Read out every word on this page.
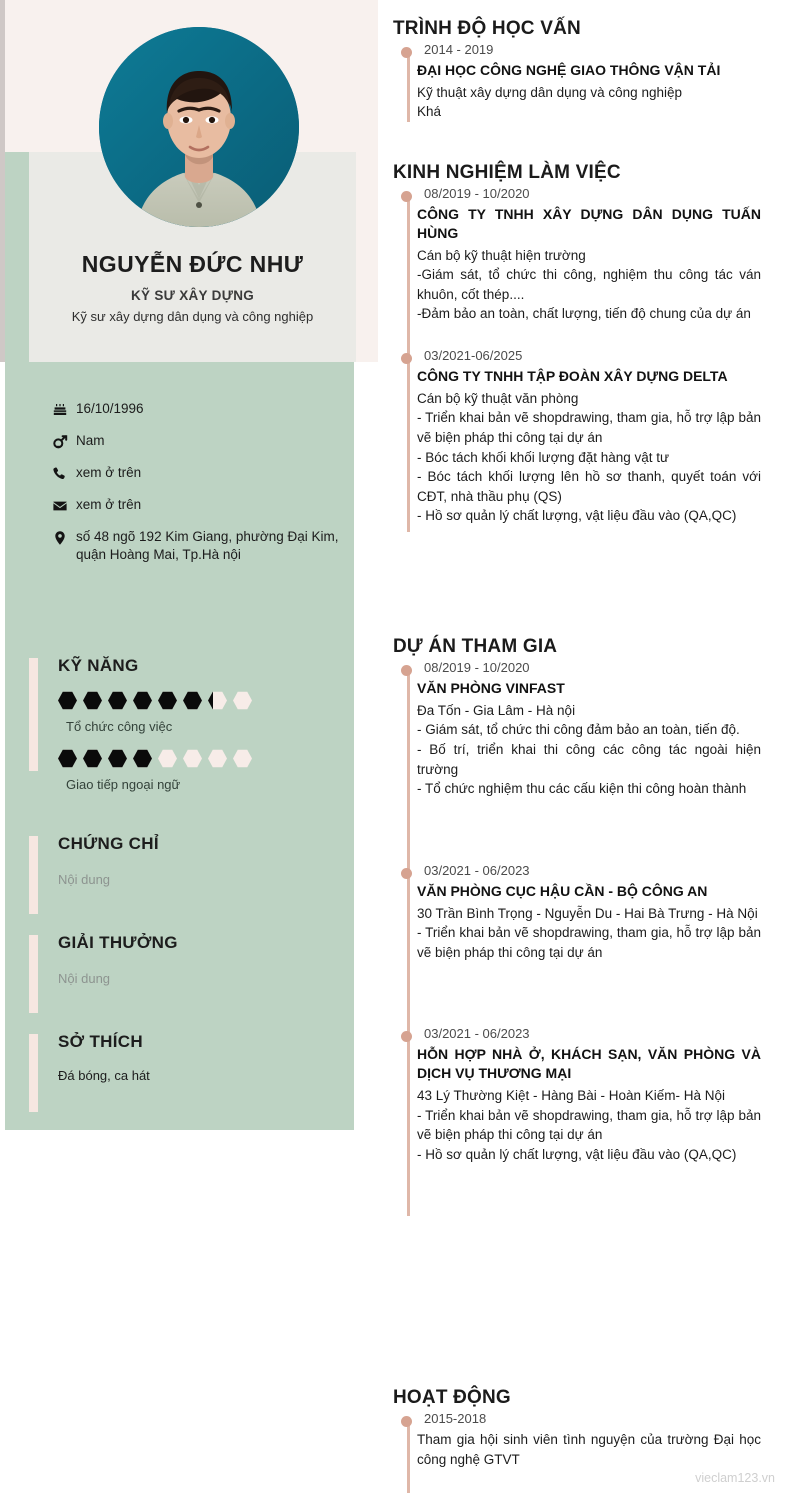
NGUYỄN ĐỨC NHƯ
KỸ SƯ XÂY DỰNG
Kỹ sư xây dựng dân dụng và công nghiệp
16/10/1996
Nam
xem ở trên
xem ở trên
số 48 ngõ 192 Kim Giang, phường Đại Kim, quận Hoàng Mai, Tp.Hà nội
KỸ NĂNG
Tổ chức công việc
Giao tiếp ngoại ngữ
CHỨNG CHỈ
Nội dung
GIẢI THƯỞNG
Nội dung
SỞ THÍCH
Đá bóng, ca hát
TRÌNH ĐỘ HỌC VẤN
2014 - 2019
ĐẠI HỌC CÔNG NGHỆ GIAO THÔNG VẬN TẢI
Kỹ thuật xây dựng dân dụng và công nghiệp
Khá
KINH NGHIỆM LÀM VIỆC
08/2019 - 10/2020
CÔNG TY TNHH XÂY DỰNG DÂN DỤNG TUẤN HÙNG
Cán bộ kỹ thuật hiện trường
-Giám sát, tổ chức thi công, nghiệm thu công tác ván khuôn, cốt thép....
-Đảm bảo an toàn, chất lượng, tiến độ chung của dự án
03/2021-06/2025
CÔNG TY TNHH TẬP ĐOÀN XÂY DỰNG DELTA
Cán bộ kỹ thuật văn phòng
- Triển khai bản vẽ shopdrawing, tham gia, hỗ trợ lập bản vẽ biện pháp thi công tại dự án
- Bóc tách khối khối lượng đặt hàng vật tư
- Bóc tách khối lượng lên hồ sơ thanh, quyết toán với CĐT, nhà thầu phụ (QS)
- Hồ sơ quản lý chất lượng, vật liệu đầu vào (QA,QC)
DỰ ÁN THAM GIA
08/2019 - 10/2020
VĂN PHÒNG VINFAST
Đa Tốn - Gia Lâm - Hà nội
- Giám sát, tổ chức thi công đảm bảo an toàn, tiến độ.
- Bố trí, triển khai thi công các công tác ngoài hiện trường
- Tổ chức nghiệm thu các cấu kiện thi công hoàn thành
03/2021 - 06/2023
VĂN PHÒNG CỤC HẬU CẦN - BỘ CÔNG AN
30 Trần Bình Trọng - Nguyễn Du - Hai Bà Trưng - Hà Nội
- Triển khai bản vẽ shopdrawing, tham gia, hỗ trợ lập bản vẽ biện pháp thi công tại dự án
03/2021 - 06/2023
HỖN HỢP NHÀ Ở, KHÁCH SẠN, VĂN PHÒNG VÀ DỊCH VỤ THƯƠNG MẠI
43 Lý Thường Kiệt - Hàng Bài - Hoàn Kiếm- Hà Nội
- Triển khai bản vẽ shopdrawing, tham gia, hỗ trợ lập bản vẽ biện pháp thi công tại dự án
- Hồ sơ quản lý chất lượng, vật liệu đầu vào (QA,QC)
HOẠT ĐỘNG
2015-2018
Tham gia hội sinh viên tình nguyện của trường Đại học công nghệ GTVT
vieclam123.vn
